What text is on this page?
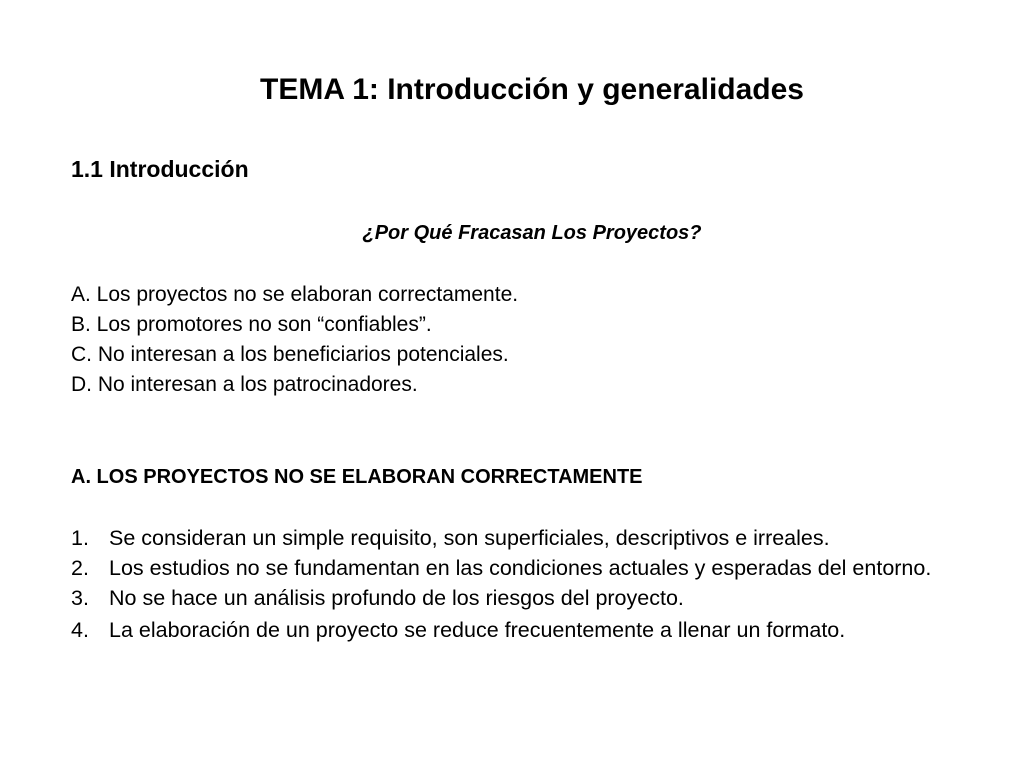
TEMA 1: Introducción y generalidades
1.1 Introducción
¿Por Qué Fracasan Los Proyectos?
A. Los proyectos no se elaboran correctamente.
B. Los promotores no son “confiables”.
C. No interesan a los beneficiarios potenciales.
D. No interesan a los patrocinadores.
A. LOS PROYECTOS NO SE ELABORAN CORRECTAMENTE
1. Se consideran un simple requisito, son superficiales, descriptivos e irreales.
2. Los estudios no se fundamentan en las condiciones actuales y esperadas del entorno.
3. No se hace un análisis profundo de los riesgos del proyecto.
4. La elaboración de un proyecto se reduce frecuentemente a llenar un formato.
